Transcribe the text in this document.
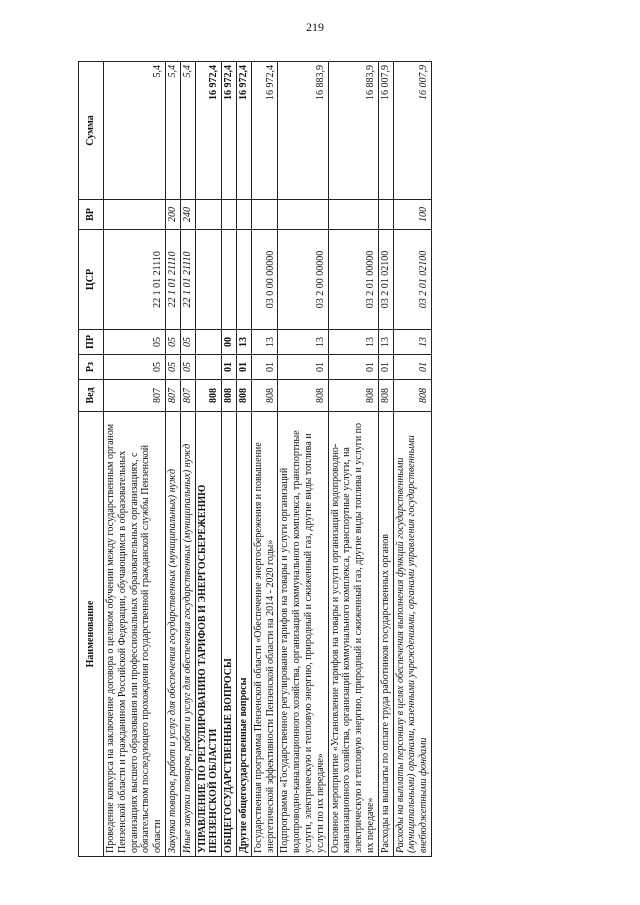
219
Наименование	Вед	Рз	ПР	ЦСР	ВР	Сумма
Проведение конкурса на заключение договора о целевом обучении между государственным органом Пензенской области и гражданином Российской Федерации, обучающимся в образовательных организациях высшего образования или профессиональных образовательных организациях, с обязательством последующего прохождения государственной гражданской службы Пензенской области	807	05	05	22 1 01 21110		5,4
Закупка товаров, работ и услуг для обеспечения государственных (муниципальных) нужд	807	05	05	22 1 01 21110	200	5,4
Иные закупки товаров, работ и услуг для обеспечения государственных (муниципальных) нужд	807	05	05	22 1 01 21110	240	5,4
УПРАВЛЕНИЕ ПО РЕГУЛИРОВАНИЮ ТАРИФОВ И ЭНЕРГОСБЕРЕЖЕНИЮ ПЕНЗЕНСКОЙ ОБЛАСТИ	808					16 972,4
ОБЩЕГОСУДАРСТВЕННЫЕ ВОПРОСЫ	808	01	00			16 972,4
Другие общегосударственные вопросы	808	01	13			16 972,4
Государственная программа Пензенской области «Обеспечение энергосбережения и повышение энергетической эффективности Пензенской области на 2014 - 2020 годы»	808	01	13	03 0 00 00000		16 972,4
Подпрограмма «Государственное регулирование тарифов на товары и услуги организаций водопроводно-канализационного хозяйства, организаций коммунального комплекса, транспортные услуги, электрическую и тепловую энергию, природный и сжиженный газ, другие виды топлива и услуги по их передаче»	808	01	13	03 2 00 00000		16 883,9
Основное мероприятие «Установление тарифов на товары и услуги организаций водопроводно-канализационного хозяйства, организаций коммунального комплекса, транспортные услуги, на электрическую и тепловую энергию, природный и сжиженный газ, другие виды топлива и услуги по их передаче»	808	01	13	03 2 01 00000		16 883,9
Расходы на выплаты по оплате труда работников государственных органов	808	01	13	03 2 01 02100		16 007,9
Расходы на выплаты персоналу в целях обеспечения выполнения функций государственными (муниципальными) органами, казенными учреждениями, органами управления государственными внебюджетными фондами	808	01	13	03 2 01 02100	100	16 007,9
